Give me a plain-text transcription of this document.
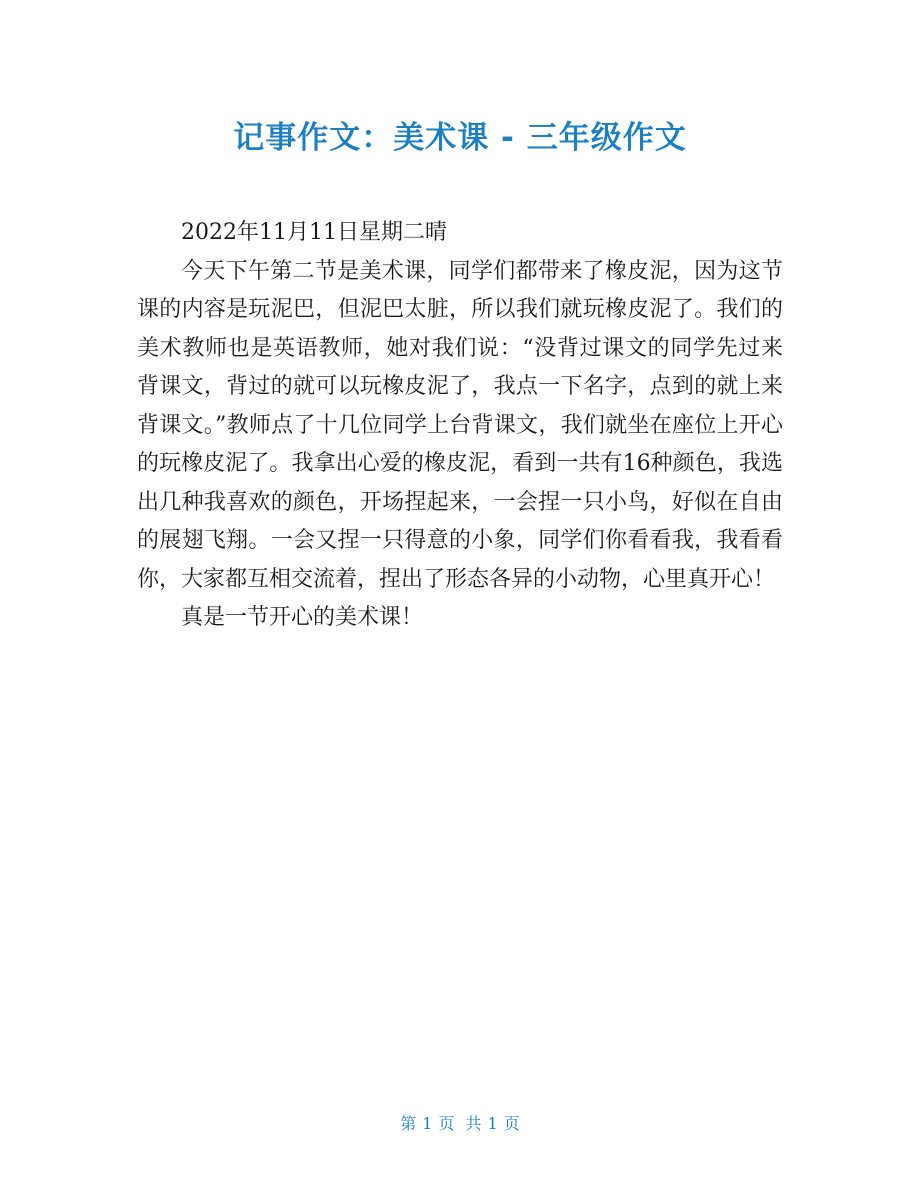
记事作文：美术课 - 三年级作文

2022年11月11日星期二晴

今天下午第二节是美术课，同学们都带来了橡皮泥，因为这节课的内容是玩泥巴，但泥巴太脏，所以我们就玩橡皮泥了。我们的美术教师也是英语教师，她对我们说：“没背过课文的同学先过来背课文，背过的就可以玩橡皮泥了，我点一下名字，点到的就上来背课文。”教师点了十几位同学上台背课文，我们就坐在座位上开心的玩橡皮泥了。我拿出心爱的橡皮泥，看到一共有16种颜色，我选出几种我喜欢的颜色，开场捏起来，一会捏一只小鸟，好似在自由的展翅飞翔。一会又捏一只得意的小象，同学们你看看我，我看看你，大家都互相交流着，捏出了形态各异的小动物，心里真开心！

真是一节开心的美术课！

第 1 页 共 1 页
